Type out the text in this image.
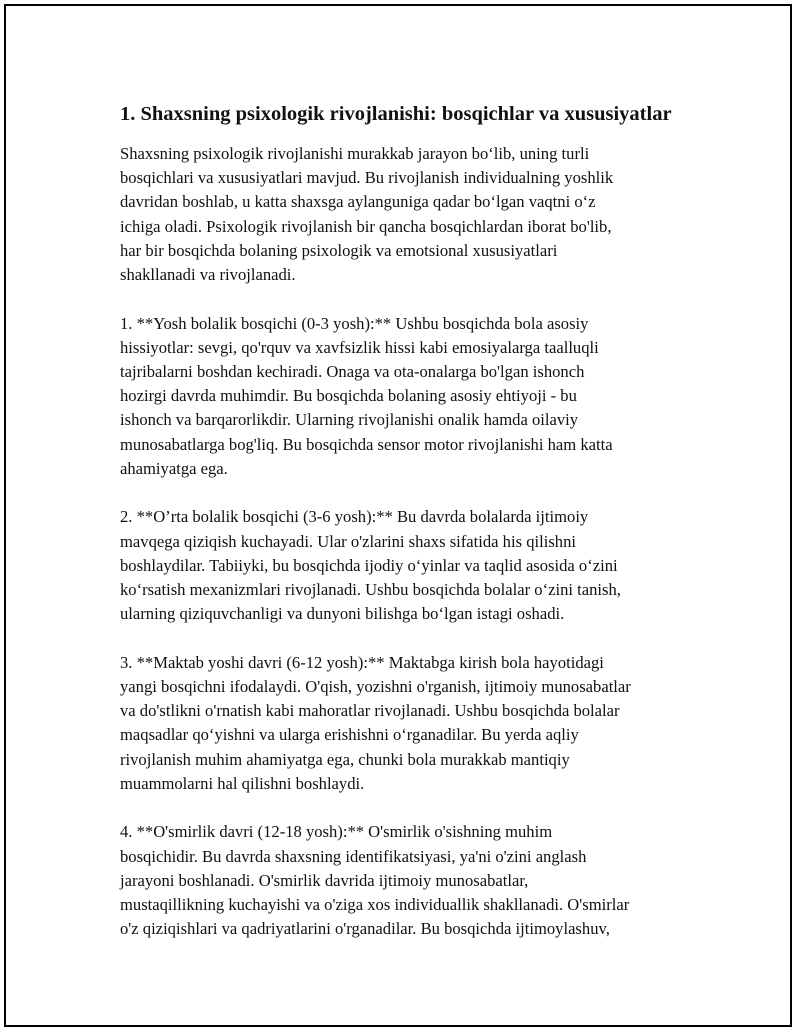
1. Shaxsning psixologik rivojlanishi: bosqichlar va xususiyatlar

Shaxsning psixologik rivojlanishi murakkab jarayon bo‘lib, uning turli
bosqichlari va xususiyatlari mavjud. Bu rivojlanish individualning yoshlik
davridan boshlab, u katta shaxsga aylanguniga qadar bo‘lgan vaqtni o‘z
ichiga oladi. Psixologik rivojlanish bir qancha bosqichlardan iborat bo'lib,
har bir bosqichda bolaning psixologik va emotsional xususiyatlari
shakllanadi va rivojlanadi.

1. **Yosh bolalik bosqichi (0-3 yosh):** Ushbu bosqichda bola asosiy
hissiyotlar: sevgi, qo'rquv va xavfsizlik hissi kabi emosiyalarga taalluqli
tajribalarni boshdan kechiradi. Onaga va ota-onalarga bo'lgan ishonch
hozirgi davrda muhimdir. Bu bosqichda bolaning asosiy ehtiyoji - bu
ishonch va barqarorlikdir. Ularning rivojlanishi onalik hamda oilaviy
munosabatlarga bog'liq. Bu bosqichda sensor motor rivojlanishi ham katta
ahamiyatga ega.

2. **O’rta bolalik bosqichi (3-6 yosh):** Bu davrda bolalarda ijtimoiy
mavqega qiziqish kuchayadi. Ular o'zlarini shaxs sifatida his qilishni
boshlaydilar. Tabiiyki, bu bosqichda ijodiy o‘yinlar va taqlid asosida o‘zini
ko‘rsatish mexanizmlari rivojlanadi. Ushbu bosqichda bolalar o‘zini tanish,
ularning qiziquvchanligi va dunyoni bilishga bo‘lgan istagi oshadi.

3. **Maktab yoshi davri (6-12 yosh):** Maktabga kirish bola hayotidagi
yangi bosqichni ifodalaydi. O'qish, yozishni o'rganish, ijtimoiy munosabatlar
va do'stlikni o'rnatish kabi mahoratlar rivojlanadi. Ushbu bosqichda bolalar
maqsadlar qo‘yishni va ularga erishishni o‘rganadilar. Bu yerda aqliy
rivojlanish muhim ahamiyatga ega, chunki bola murakkab mantiqiy
muammolarni hal qilishni boshlaydi.

4. **O'smirlik davri (12-18 yosh):** O'smirlik o'sishning muhim
bosqichidir. Bu davrda shaxsning identifikatsiyasi, ya'ni o'zini anglash
jarayoni boshlanadi. O'smirlik davrida ijtimoiy munosabatlar,
mustaqillikning kuchayishi va o'ziga xos individuallik shakllanadi. O'smirlar
o'z qiziqishlari va qadriyatlarini o'rganadilar. Bu bosqichda ijtimoylashuv,
